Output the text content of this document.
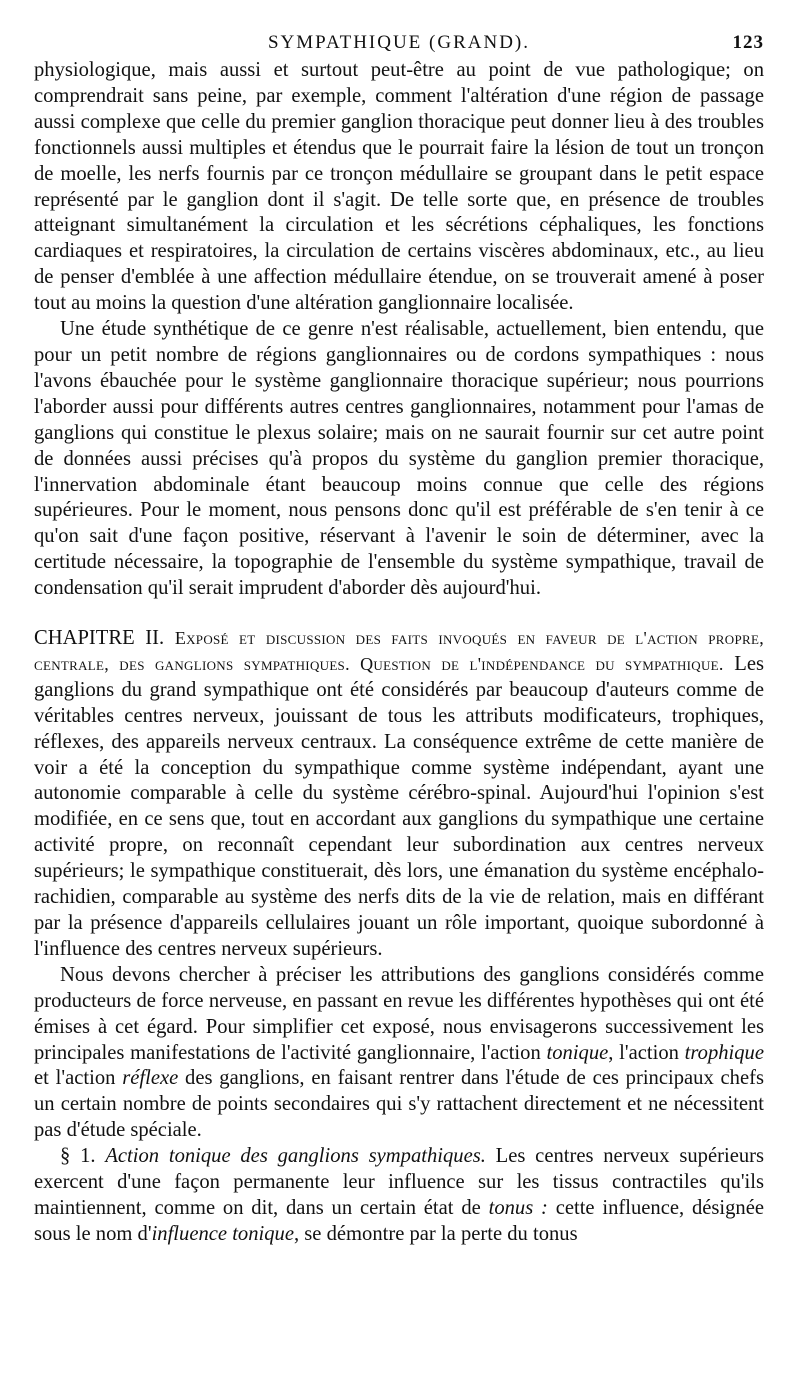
SYMPATHIQUE (GRAND).	123

physiologique, mais aussi et surtout peut-être au point de vue pathologique; on comprendrait sans peine, par exemple, comment l'altération d'une région de passage aussi complexe que celle du premier ganglion thoracique peut donner lieu à des troubles fonctionnels aussi multiples et étendus que le pourrait faire la lésion de tout un tronçon de moelle, les nerfs fournis par ce tronçon médullaire se groupant dans le petit espace représenté par le ganglion dont il s'agit. De telle sorte que, en présence de troubles atteignant simultanément la circulation et les sécrétions céphaliques, les fonctions cardiaques et respiratoires, la circulation de certains viscères abdominaux, etc., au lieu de penser d'emblée à une affection médullaire étendue, on se trouverait amené à poser tout au moins la question d'une altération ganglionnaire localisée.

Une étude synthétique de ce genre n'est réalisable, actuellement, bien entendu, que pour un petit nombre de régions ganglionnaires ou de cordons sympathiques : nous l'avons ébauchée pour le système ganglionnaire thoracique supérieur; nous pourrions l'aborder aussi pour différents autres centres ganglionnaires, notamment pour l'amas de ganglions qui constitue le plexus solaire; mais on ne saurait fournir sur cet autre point de données aussi précises qu'à propos du système du ganglion premier thoracique, l'innervation abdominale étant beaucoup moins connue que celle des régions supérieures. Pour le moment, nous pensons donc qu'il est préférable de s'en tenir à ce qu'on sait d'une façon positive, réservant à l'avenir le soin de déterminer, avec la certitude nécessaire, la topographie de l'ensemble du système sympathique, travail de condensation qu'il serait imprudent d'aborder dès aujourd'hui.

CHAPITRE II. Exposé et discussion des faits invoqués en faveur de l'action propre, centrale, des ganglions sympathiques. Question de l'indépendance du sympathique. Les ganglions du grand sympathique ont été considérés par beaucoup d'auteurs comme de véritables centres nerveux, jouissant de tous les attributs modificateurs, trophiques, réflexes, des appareils nerveux centraux. La conséquence extrême de cette manière de voir a été la conception du sympathique comme système indépendant, ayant une autonomie comparable à celle du système cérébro-spinal. Aujourd'hui l'opinion s'est modifiée, en ce sens que, tout en accordant aux ganglions du sympathique une certaine activité propre, on reconnaît cependant leur subordination aux centres nerveux supérieurs; le sympathique constituerait, dès lors, une émanation du système encéphalo-rachidien, comparable au système des nerfs dits de la vie de relation, mais en différant par la présence d'appareils cellulaires jouant un rôle important, quoique subordonné à l'influence des centres nerveux supérieurs.

Nous devons chercher à préciser les attributions des ganglions considérés comme producteurs de force nerveuse, en passant en revue les différentes hypothèses qui ont été émises à cet égard. Pour simplifier cet exposé, nous envisagerons successivement les principales manifestations de l'activité ganglionnaire, l'action tonique, l'action trophique et l'action réflexe des ganglions, en faisant rentrer dans l'étude de ces principaux chefs un certain nombre de points secondaires qui s'y rattachent directement et ne nécessitent pas d'étude spéciale.

§ 1. Action tonique des ganglions sympathiques. Les centres nerveux supérieurs exercent d'une façon permanente leur influence sur les tissus contractiles qu'ils maintiennent, comme on dit, dans un certain état de tonus : cette influence, désignée sous le nom d'influence tonique, se démontre par la perte du tonus
